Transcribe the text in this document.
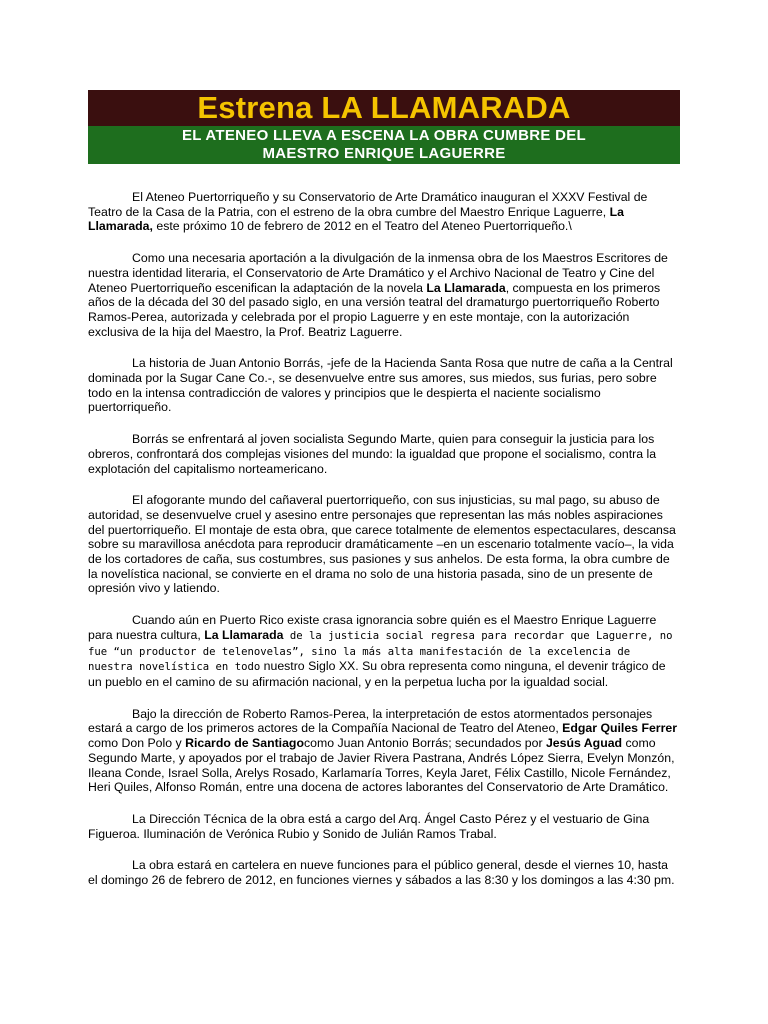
Estrena LA LLAMARADA
EL ATENEO LLEVA A ESCENA LA OBRA CUMBRE DEL
MAESTRO ENRIQUE LAGUERRE

El Ateneo Puertorriqueño y su Conservatorio de Arte Dramático inauguran el XXXV Festival de Teatro de la Casa de la Patria, con el estreno de la obra cumbre del Maestro Enrique Laguerre, La Llamarada, este próximo 10 de febrero de 2012 en el Teatro del Ateneo Puertorriqueño.\

Como una necesaria aportación a la divulgación de la inmensa obra de los Maestros Escritores de nuestra identidad literaria, el Conservatorio de Arte Dramático y el Archivo Nacional de Teatro y Cine del Ateneo Puertorriqueño escenifican la adaptación de la novela La Llamarada, compuesta en los primeros años de la década del 30 del pasado siglo, en una versión teatral del dramaturgo puertorriqueño Roberto Ramos-Perea, autorizada y celebrada por el propio Laguerre y en este montaje, con la autorización exclusiva de la hija del Maestro, la Prof. Beatriz Laguerre.

La historia de Juan Antonio Borrás, -jefe de la Hacienda Santa Rosa que nutre de caña a la Central dominada por la Sugar Cane Co.-, se desenvuelve entre sus amores, sus miedos, sus furias, pero sobre todo en la intensa contradicción de valores y principios que le despierta el naciente socialismo puertorriqueño.

Borrás se enfrentará al joven socialista Segundo Marte, quien para conseguir la justicia para los obreros, confrontará dos complejas visiones del mundo: la igualdad que propone el socialismo, contra la explotación del capitalismo norteamericano.

El afogorante mundo del cañaveral puertorriqueño, con sus injusticias, su mal pago, su abuso de autoridad, se desenvuelve cruel y asesino entre personajes que representan las más nobles aspiraciones del puertorriqueño. El montaje de esta obra, que carece totalmente de elementos espectaculares, descansa sobre su maravillosa anécdota para reproducir dramáticamente –en un escenario totalmente vacío–, la vida de los cortadores de caña, sus costumbres, sus pasiones y sus anhelos. De esta forma, la obra cumbre de la novelística nacional, se convierte en el drama no solo de una historia pasada, sino de un presente de opresión vivo y latiendo.

Cuando aún en Puerto Rico existe crasa ignorancia sobre quién es el Maestro Enrique Laguerre para nuestra cultura, La Llamarada de la justicia social regresa para recordar que Laguerre, no fue “un productor de telenovelas”, sino la más alta manifestación de la excelencia de nuestra novelística en todo nuestro Siglo XX. Su obra representa como ninguna, el devenir trágico de un pueblo en el camino de su afirmación nacional, y en la perpetua lucha por la igualdad social.

Bajo la dirección de Roberto Ramos-Perea, la interpretación de estos atormentados personajes estará a cargo de los primeros actores de la Compañía Nacional de Teatro del Ateneo, Edgar Quiles Ferrer como Don Polo y Ricardo de Santiagocomo Juan Antonio Borrás; secundados por Jesús Aguad como Segundo Marte, y apoyados por el trabajo de Javier Rivera Pastrana, Andrés López Sierra, Evelyn Monzón, Ileana Conde, Israel Solla, Arelys Rosado, Karlamaría Torres, Keyla Jaret, Félix Castillo, Nicole Fernández, Heri Quiles, Alfonso Román, entre una docena de actores laborantes del Conservatorio de Arte Dramático.

La Dirección Técnica de la obra está a cargo del Arq. Ángel Casto Pérez y el vestuario de Gina Figueroa. Iluminación de Verónica Rubio y Sonido de Julián Ramos Trabal.

La obra estará en cartelera en nueve funciones para el público general, desde el viernes 10, hasta el domingo 26 de febrero de 2012, en funciones viernes y sábados a las 8:30 y los domingos a las 4:30 pm.
